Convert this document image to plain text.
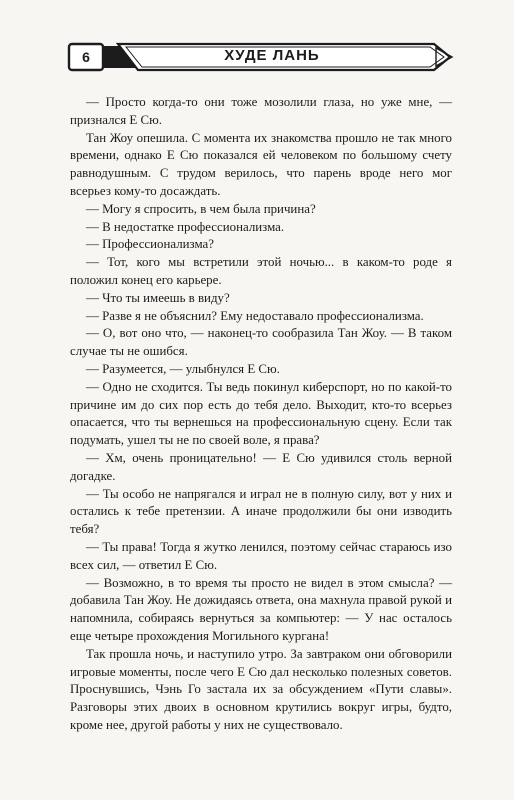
6	ХУДЕ ЛАНЬ

— Просто когда-то они тоже мозолили глаза, но уже мне, — признался Е Сю.

Тан Жоу опешила. С момента их знакомства прошло не так много времени, однако Е Сю показался ей человеком по большому счету равнодушным. С трудом верилось, что парень вроде него мог всерьез кому-то досаждать.

— Могу я спросить, в чем была причина?

— В недостатке профессионализма.

— Профессионализма?

— Тот, кого мы встретили этой ночью... в каком-то роде я положил конец его карьере.

— Что ты имеешь в виду?

— Разве я не объяснил? Ему недоставало профессионализма.

— О, вот оно что, — наконец-то сообразила Тан Жоу. — В таком случае ты не ошибся.

— Разумеется, — улыбнулся Е Сю.

— Одно не сходится. Ты ведь покинул киберспорт, но по какой-то причине им до сих пор есть до тебя дело. Выходит, кто-то всерьез опасается, что ты вернешься на профессиональную сцену. Если так подумать, ушел ты не по своей воле, я права?

— Хм, очень проницательно! — Е Сю удивился столь верной догадке.

— Ты особо не напрягался и играл не в полную силу, вот у них и остались к тебе претензии. А иначе продолжили бы они изводить тебя?

— Ты права! Тогда я жутко ленился, поэтому сейчас стараюсь изо всех сил, — ответил Е Сю.

— Возможно, в то время ты просто не видел в этом смысла? — добавила Тан Жоу. Не дожидаясь ответа, она махнула правой рукой и напомнила, собираясь вернуться за компьютер: — У нас осталось еще четыре прохождения Могильного кургана!

Так прошла ночь, и наступило утро. За завтраком они обговорили игровые моменты, после чего Е Сю дал несколько полезных советов. Проснувшись, Чэнь Го застала их за обсуждением «Пути славы». Разговоры этих двоих в основном крутились вокруг игры, будто, кроме нее, другой работы у них не существовало.
